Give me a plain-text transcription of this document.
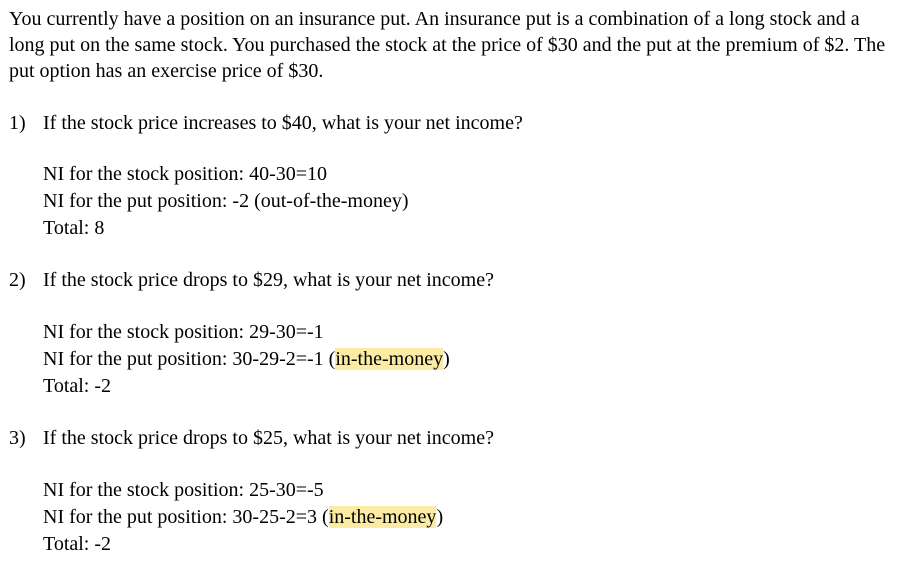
You currently have a position on an insurance put. An insurance put is a combination of a long stock and a long put on the same stock. You purchased the stock at the price of $30 and the put at the premium of $2. The put option has an exercise price of $30.

1) If the stock price increases to $40, what is your net income?
NI for the stock position: 40-30=10
NI for the put position: -2 (out-of-the-money)
Total: 8
2) If the stock price drops to $29, what is your net income?
NI for the stock position: 29-30=-1
NI for the put position: 30-29-2=-1 (in-the-money)
Total: -2
3) If the stock price drops to $25, what is your net income?
NI for the stock position: 25-30=-5
NI for the put position: 30-25-2=3 (in-the-money)
Total: -2
